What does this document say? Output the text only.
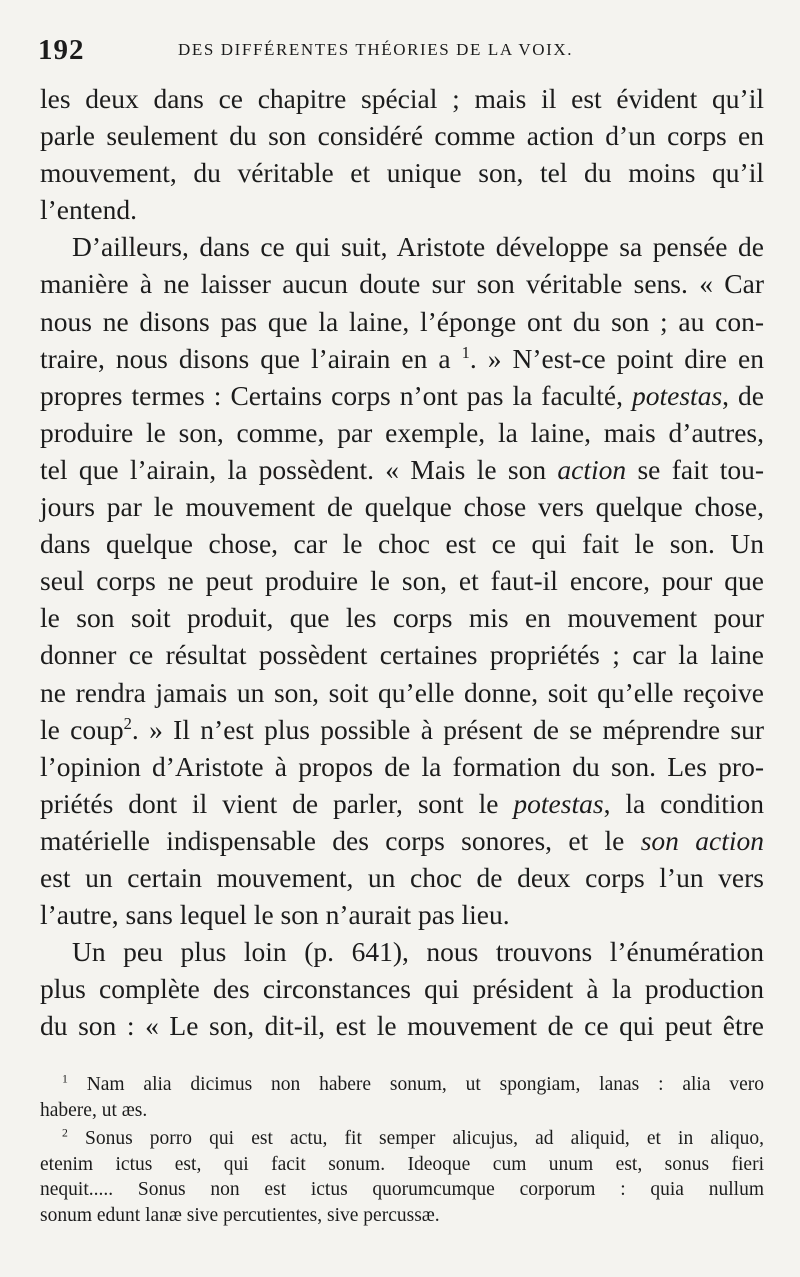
192	DES DIFFÉRENTES THÉORIES DE LA VOIX.
les deux dans ce chapitre spécial ; mais il est évident qu’il
parle seulement du son considéré comme action d’un corps en
mouvement, du véritable et unique son, tel du moins qu’il
l’entend.
D’ailleurs, dans ce qui suit, Aristote développe sa pensée de
manière à ne laisser aucun doute sur son véritable sens. « Car
nous ne disons pas que la laine, l’éponge ont du son ; au con-
traire, nous disons que l’airain en a $^1$. » N’est-ce point dire en
propres termes : Certains corps n’ont pas la faculté, potestas, de
produire le son, comme, par exemple, la laine, mais d’autres,
tel que l’airain, la possèdent. « Mais le son action se fait tou-
jours par le mouvement de quelque chose vers quelque chose,
dans quelque chose, car le choc est ce qui fait le son. Un
seul corps ne peut produire le son, et faut-il encore, pour que
le son soit produit, que les corps mis en mouvement pour
donner ce résultat possèdent certaines propriétés ; car la laine
ne rendra jamais un son, soit qu’elle donne, soit qu’elle reçoive
le coup$^2$. » Il n’est plus possible à présent de se méprendre sur
l’opinion d’Aristote à propos de la formation du son. Les pro-
priétés dont il vient de parler, sont le potestas, la condition
matérielle indispensable des corps sonores, et le son action
est un certain mouvement, un choc de deux corps l’un vers
l’autre, sans lequel le son n’aurait pas lieu.
Un peu plus loin (p. 641), nous trouvons l’énumération
plus complète des circonstances qui président à la production
du son : « Le son, dit-il, est le mouvement de ce qui peut être
$^1$ Nam alia dicimus non habere sonum, ut spongiam, lanas : alia vero
habere, ut æs.
$^2$ Sonus porro qui est actu, fit semper alicujus, ad aliquid, et in aliquo,
etenim ictus est, qui facit sonum. Ideoque cum unum est, sonus fieri
nequit..... Sonus non est ictus quorumcumque corporum : quia nullum
sonum edunt lanæ sive percutientes, sive percussæ.
